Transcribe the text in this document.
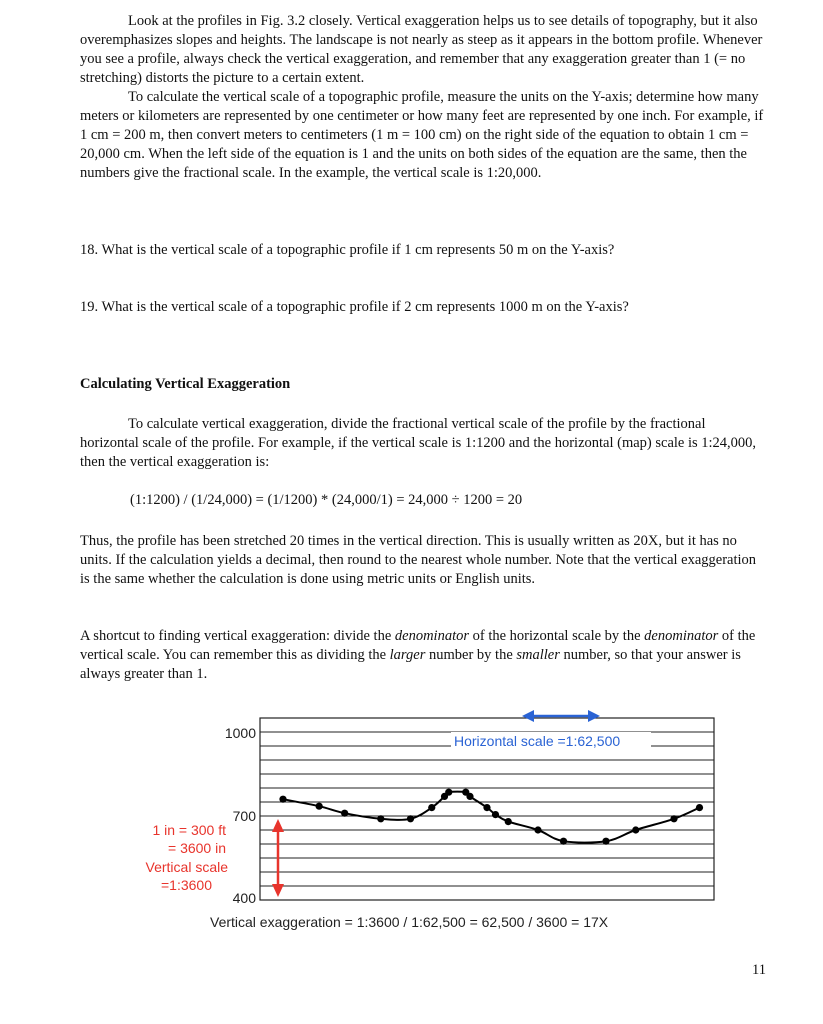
Look at the profiles in Fig. 3.2 closely. Vertical exaggeration helps us to see details of topography, but it also overemphasizes slopes and heights. The landscape is not nearly as steep as it appears in the bottom profile. Whenever you see a profile, always check the vertical exaggeration, and remember that any exaggeration greater than 1 (= no stretching) distorts the picture to a certain extent.

To calculate the vertical scale of a topographic profile, measure the units on the Y-axis; determine how many meters or kilometers are represented by one centimeter or how many feet are represented by one inch. For example, if 1 cm = 200 m, then convert meters to centimeters (1 m = 100 cm) on the right side of the equation to obtain 1 cm = 20,000 cm. When the left side of the equation is 1 and the units on both sides of the equation are the same, then the numbers give the fractional scale. In the example, the vertical scale is 1:20,000.

18. What is the vertical scale of a topographic profile if 1 cm represents 50 m on the Y-axis?
19. What is the vertical scale of a topographic profile if 2 cm represents 1000 m on the Y-axis?
Calculating Vertical Exaggeration
To calculate vertical exaggeration, divide the fractional vertical scale of the profile by the fractional horizontal scale of the profile. For example, if the vertical scale is 1:1200 and the horizontal (map) scale is 1:24,000, then the vertical exaggeration is:
(1:1200) / (1/24,000) = (1/1200) * (24,000/1) = 24,000 ÷ 1200 = 20
Thus, the profile has been stretched 20 times in the vertical direction. This is usually written as 20X, but it has no units. If the calculation yields a decimal, then round to the nearest whole number. Note that the vertical exaggeration is the same whether the calculation is done using metric units or English units.
A shortcut to finding vertical exaggeration: divide the denominator of the horizontal scale by the denominator of the vertical scale. You can remember this as dividing the larger number by the smaller number, so that your answer is always greater than 1.
1000
700
400
Horizontal scale =1:62,500
1 in = 300 ft
= 3600 in
Vertical scale
=1:3600
Vertical exaggeration = 1:3600 / 1:62,500 = 62,500 / 3600 = 17X
11
